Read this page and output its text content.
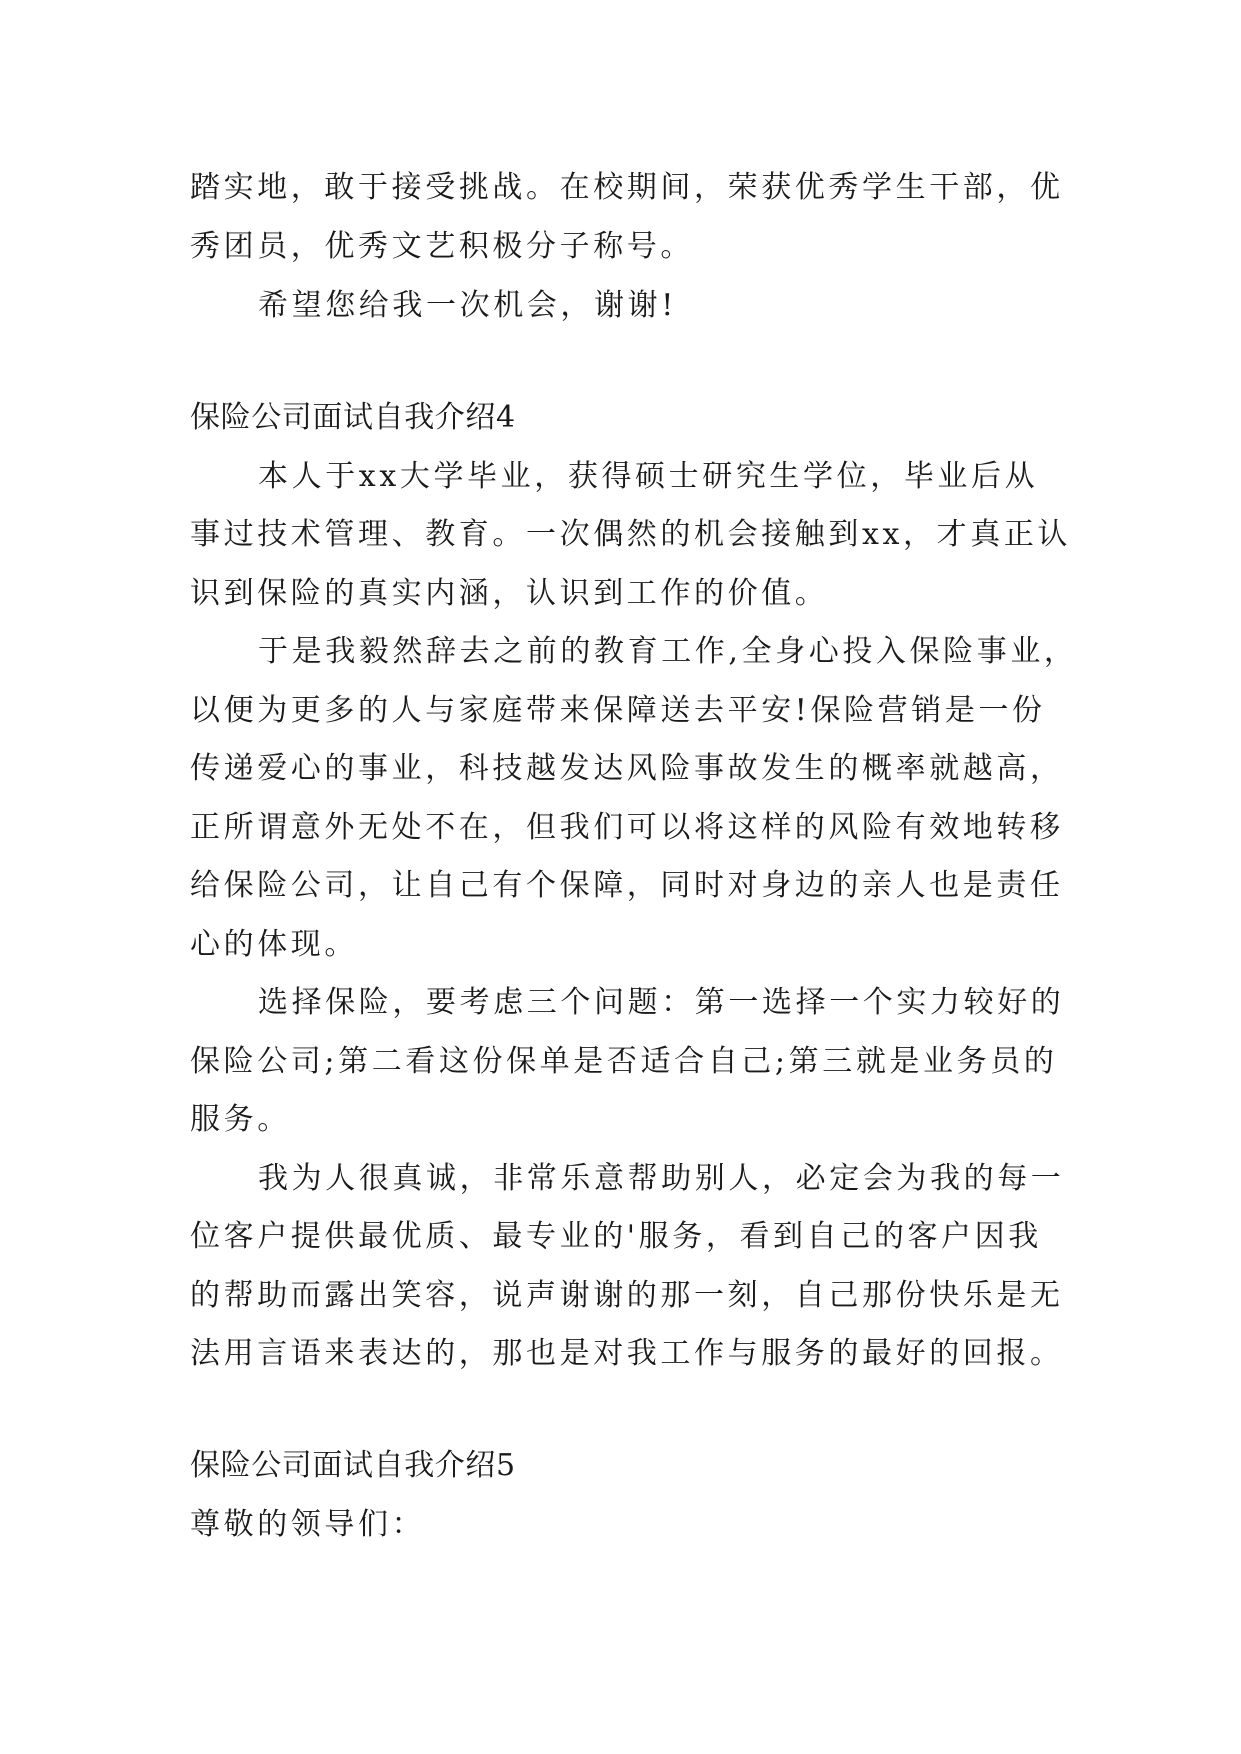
踏实地，敢于接受挑战。在校期间，荣获优秀学生干部，优
秀团员，优秀文艺积极分子称号。
希望您给我一次机会，谢谢!
保险公司面试自我介绍4
本人于xx大学毕业，获得硕士研究生学位，毕业后从
事过技术管理、教育。一次偶然的机会接触到xx，才真正认
识到保险的真实内涵，认识到工作的价值。
于是我毅然辞去之前的教育工作,全身心投入保险事业，
以便为更多的人与家庭带来保障送去平安!保险营销是一份
传递爱心的事业，科技越发达风险事故发生的概率就越高，
正所谓意外无处不在，但我们可以将这样的风险有效地转移
给保险公司，让自己有个保障，同时对身边的亲人也是责任
心的体现。
选择保险，要考虑三个问题：第一选择一个实力较好的
保险公司;第二看这份保单是否适合自己;第三就是业务员的
服务。
我为人很真诚，非常乐意帮助别人，必定会为我的每一
位客户提供最优质、最专业的'服务，看到自己的客户因我
的帮助而露出笑容，说声谢谢的那一刻，自己那份快乐是无
法用言语来表达的，那也是对我工作与服务的最好的回报。
保险公司面试自我介绍5
尊敬的领导们：
